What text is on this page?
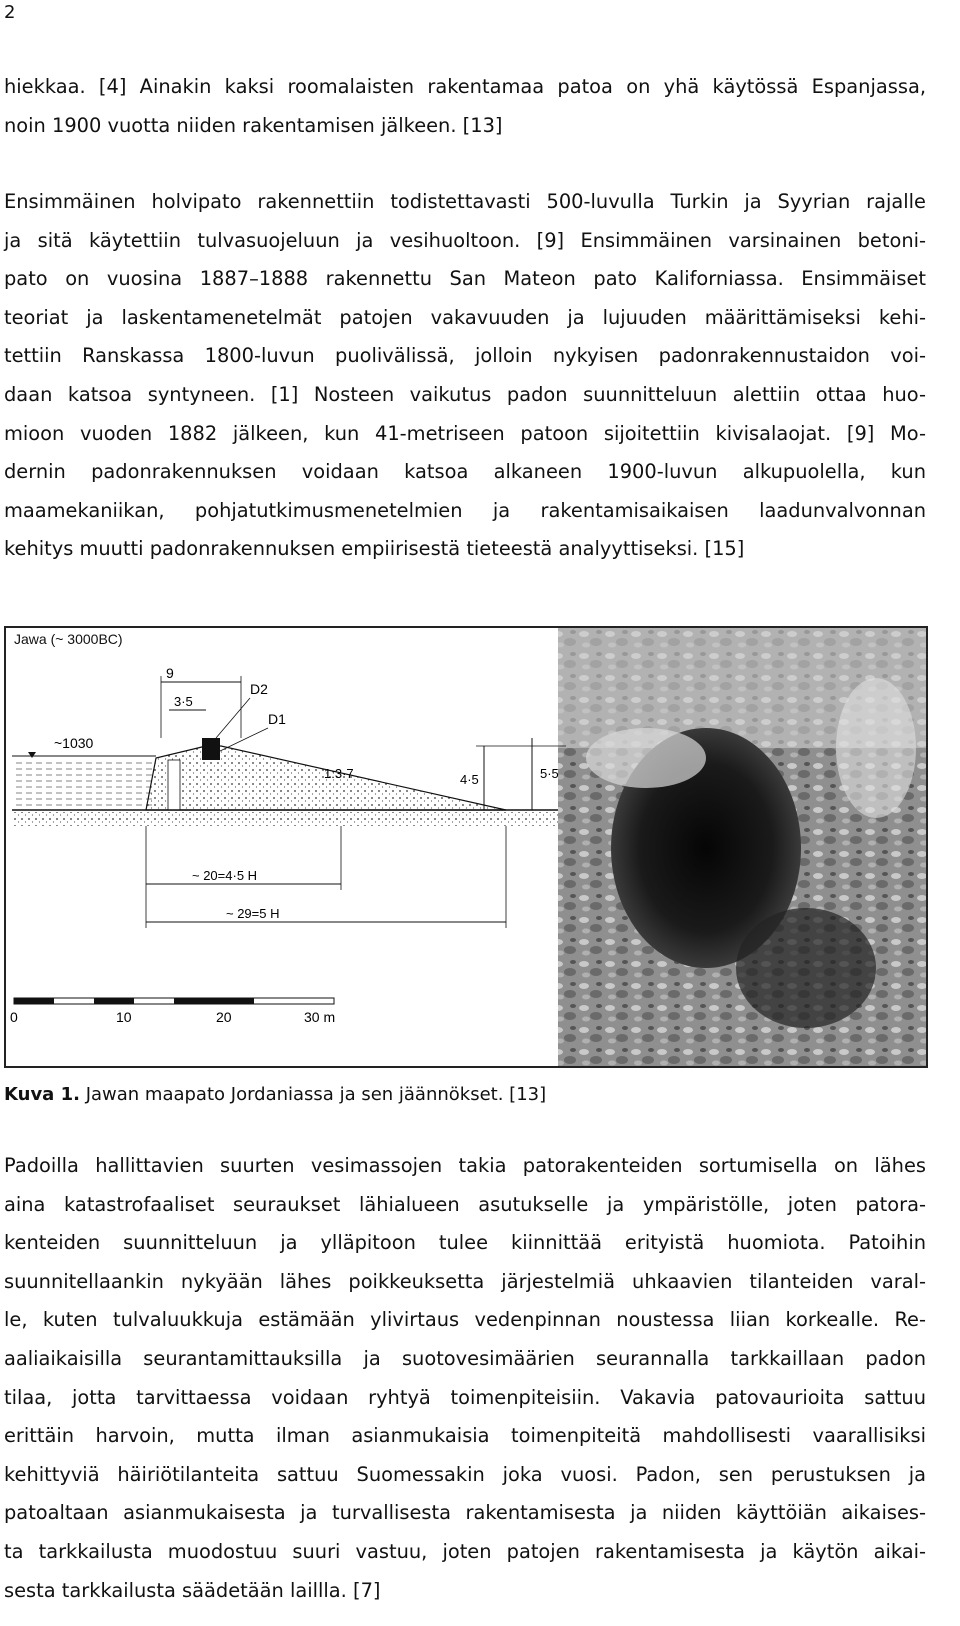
2

hiekkaa. [4] Ainakin kaksi roomalaisten rakentamaa patoa on yhä käytössä Espanjassa,
noin 1900 vuotta niiden rakentamisen jälkeen. [13]

Ensimmäinen holvipato rakennettiin todistettavasti 500-luvulla Turkin ja Syyrian rajalle
ja sitä käytettiin tulvasuojeluun ja vesihuoltoon. [9] Ensimmäinen varsinainen betoni-
pato on vuosina 1887–1888 rakennettu San Mateon pato Kaliforniassa. Ensimmäiset
teoriat ja laskentamenetelmät patojen vakavuuden ja lujuuden määrittämiseksi kehi-
tettiin Ranskassa 1800-luvun puolivälissä, jolloin nykyisen padonrakennustaidon voi-
daan katsoa syntyneen. [1] Nosteen vaikutus padon suunnitteluun alettiin ottaa huo-
mioon vuoden 1882 jälkeen, kun 41-metriseen patoon sijoitettiin kivisalaojat. [9] Mo-
dernin padonrakennuksen voidaan katsoa alkaneen 1900-luvun alkupuolella, kun
maamekaniikan, pohjatutkimusmenetelmien ja rakentamisaikaisen laadunvalvonnan
kehitys muutti padonrakennuksen empiirisestä tieteestä analyyttiseksi. [15]

Jawa (~ 3000BC)
9
3·5
D2
D1
~1030
1:3·7	4·5	5·5
~ 20=4·5 H
~ 29=5 H
0	10	20	30 m
Kuva 1. Jawan maapato Jordaniassa ja sen jäännökset. [13]

Padoilla hallittavien suurten vesimassojen takia patorakenteiden sortumisella on lähes
aina katastrofaaliset seuraukset lähialueen asutukselle ja ympäristölle, joten patora-
kenteiden suunnitteluun ja ylläpitoon tulee kiinnittää erityistä huomiota. Patoihin
suunnitellaankin nykyään lähes poikkeuksetta järjestelmiä uhkaavien tilanteiden varal-
le, kuten tulvaluukkuja estämään ylivirtaus vedenpinnan noustessa liian korkealle. Re-
aaliaikaisilla seurantamittauksilla ja suotovesimäärien seurannalla tarkkaillaan padon
tilaa, jotta tarvittaessa voidaan ryhtyä toimenpiteisiin. Vakavia patovaurioita sattuu
erittäin harvoin, mutta ilman asianmukaisia toimenpiteitä mahdollisesti vaarallisiksi
kehittyviä häiriötilanteita sattuu Suomessakin joka vuosi. Padon, sen perustuksen ja
patoaltaan asianmukaisesta ja turvallisesta rakentamisesta ja niiden käyttöiän aikaises-
ta tarkkailusta muodostuu suuri vastuu, joten patojen rakentamisesta ja käytön aikai-
sesta tarkkailusta säädetään laillla. [7]
